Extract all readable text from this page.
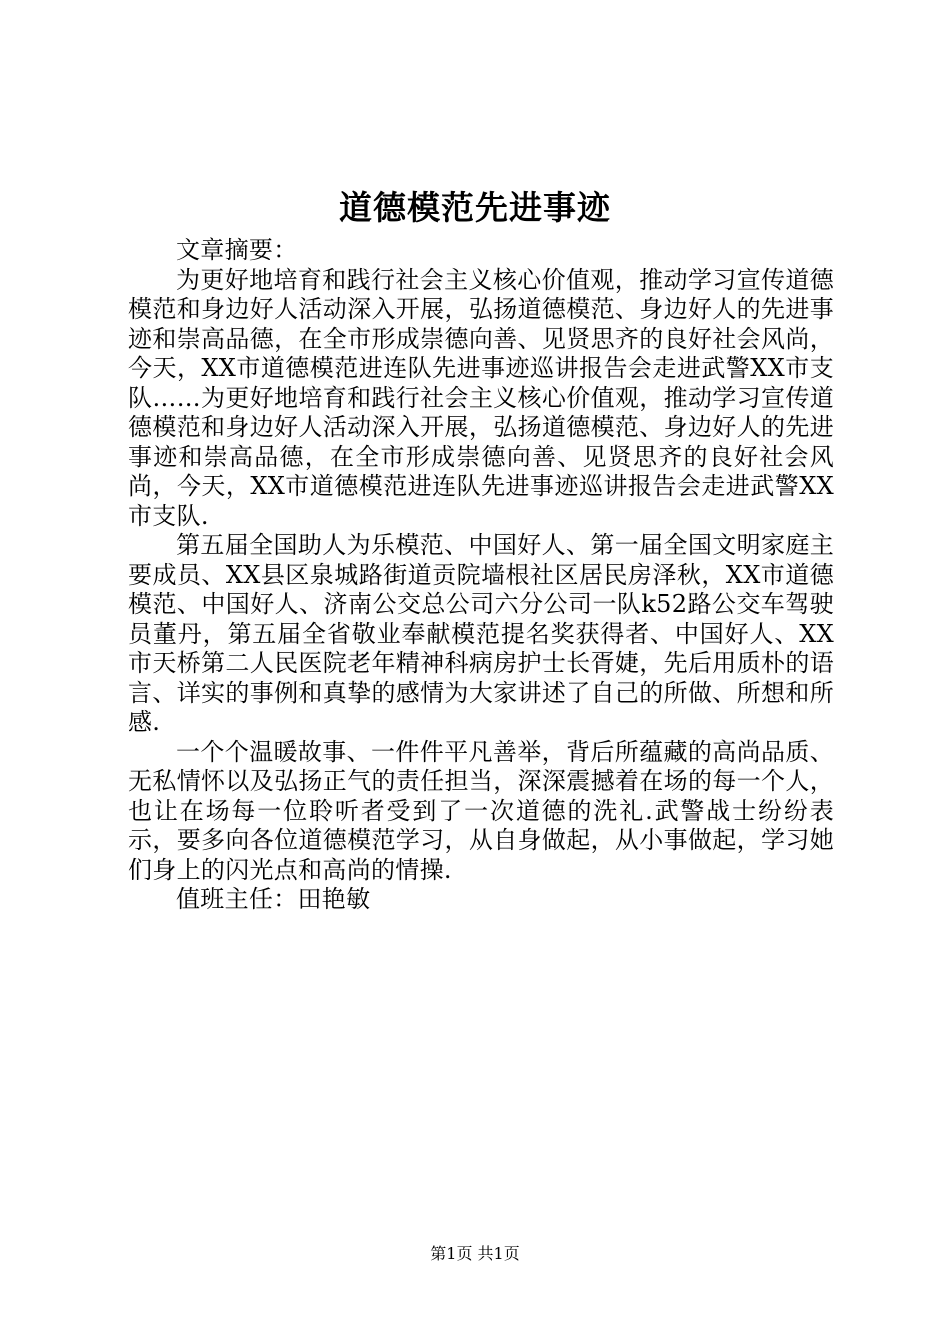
道德模范先进事迹

文章摘要：

为更好地培育和践行社会主义核心价值观，推动学习宣传道德模范和身边好人活动深入开展，弘扬道德模范、身边好人的先进事迹和崇高品德，在全市形成崇德向善、见贤思齐的良好社会风尚，今天，XX市道德模范进连队先进事迹巡讲报告会走进武警XX市支队……为更好地培育和践行社会主义核心价值观，推动学习宣传道德模范和身边好人活动深入开展，弘扬道德模范、身边好人的先进事迹和崇高品德，在全市形成崇德向善、见贤思齐的良好社会风尚，今天，XX市道德模范进连队先进事迹巡讲报告会走进武警XX市支队.

第五届全国助人为乐模范、中国好人、第一届全国文明家庭主要成员、XX县区泉城路街道贡院墙根社区居民房泽秋，XX市道德模范、中国好人、济南公交总公司六分公司一队k52路公交车驾驶员董丹，第五届全省敬业奉献模范提名奖获得者、中国好人、XX市天桥第二人民医院老年精神科病房护士长胥婕，先后用质朴的语言、详实的事例和真挚的感情为大家讲述了自己的所做、所想和所感.

一个个温暖故事、一件件平凡善举，背后所蕴藏的高尚品质、无私情怀以及弘扬正气的责任担当，深深震撼着在场的每一个人，也让在场每一位聆听者受到了一次道德的洗礼.武警战士纷纷表示，要多向各位道德模范学习，从自身做起，从小事做起，学习她们身上的闪光点和高尚的情操.

值班主任：田艳敏

第1页 共1页
